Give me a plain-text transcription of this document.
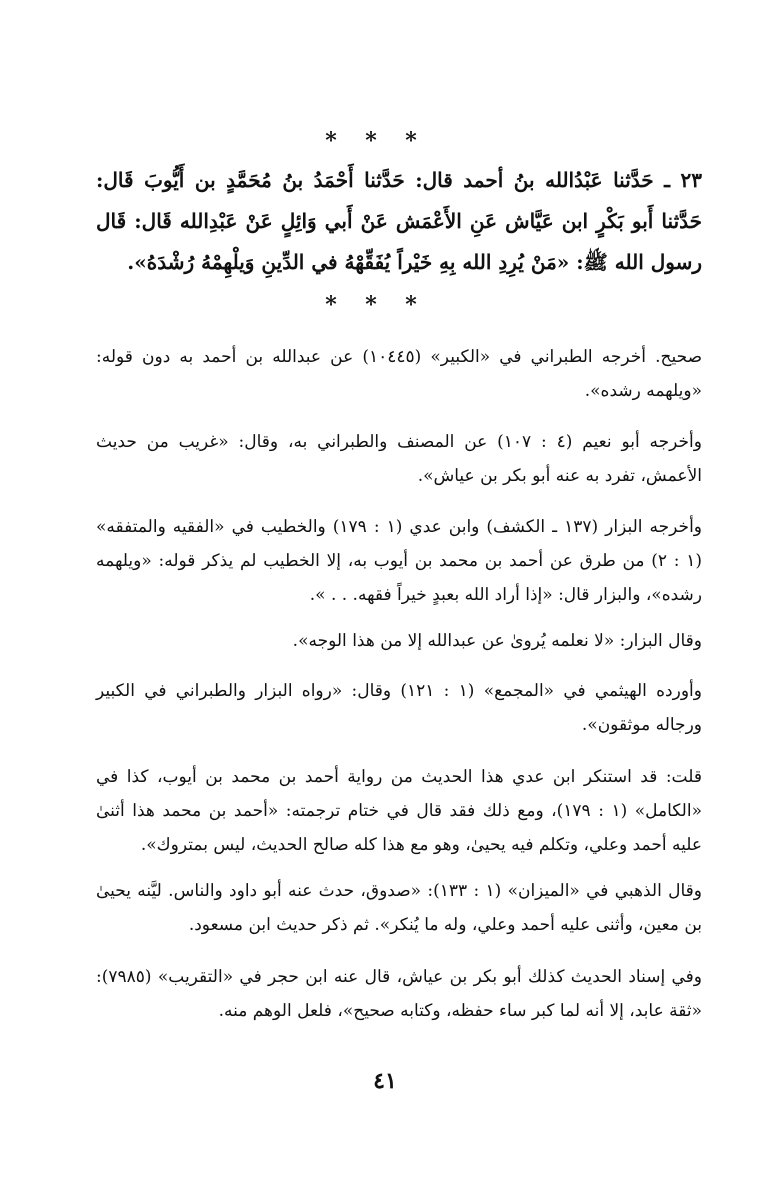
***
٢٣ ـ حَدَّثنا عَبْدُالله بنُ أحمد قال: حَدَّثنا أَحْمَدُ بنُ مُحَمَّدٍ بن أَيُّوبَ قَال: حَدَّثنا أَبو بَكْرٍ ابن عَيَّاش عَنِ الأَعْمَش عَنْ أَبي وَائِلٍ عَنْ عَبْدِالله قَال: قَال رسول الله ﷺ: «مَنْ يُرِدِ الله بِهِ خَيْراً يُفَقِّهْهُ في الدِّينِ وَيلْهِمْهُ رُشْدَهُ».
***
صحيح. أخرجه الطبراني في «الكبير» (١٠٤٤٥) عن عبدالله بن أحمد به دون قوله: «ويلهمه رشده».
وأخرجه أبو نعيم (٤ : ١٠٧) عن المصنف والطبراني به، وقال: «غريب من حديث الأعمش، تفرد به عنه أبو بكر بن عياش».
وأخرجه البزار (١٣٧ ـ الكشف) وابن عدي (١ : ١٧٩) والخطيب في «الفقيه والمتفقه» (١ : ٢) من طرق عن أحمد بن محمد بن أيوب به، إلا الخطيب لم يذكر قوله: «ويلهمه رشده»، والبزار قال: «إذا أراد الله بعبدٍ خيراً فقهه. . . ».
وقال البزار: «لا نعلمه يُروىٰ عن عبدالله إلا من هذا الوجه».
وأورده الهيثمي في «المجمع» (١ : ١٢١) وقال: «رواه البزار والطبراني في الكبير ورجاله موثقون».
قلت: قد استنكر ابن عدي هذا الحديث من رواية أحمد بن محمد بن أيوب، كذا في «الكامل» (١ : ١٧٩)، ومع ذلك فقد قال في ختام ترجمته: «أحمد بن محمد هذا أثنىٰ عليه أحمد وعلي، وتكلم فيه يحيىٰ، وهو مع هذا كله صالح الحديث، ليس بمتروك».
وقال الذهبي في «الميزان» (١ : ١٣٣): «صدوق، حدث عنه أبو داود والناس. ليَّنه يحيىٰ بن معين، وأثنى عليه أحمد وعلي، وله ما يُنكر». ثم ذكر حديث ابن مسعود.
وفي إسناد الحديث كذلك أبو بكر بن عياش، قال عنه ابن حجر في «التقريب» (٧٩٨٥): «ثقة عابد، إلا أنه لما كبر ساء حفظه، وكتابه صحيح»، فلعل الوهم منه.
٤١
